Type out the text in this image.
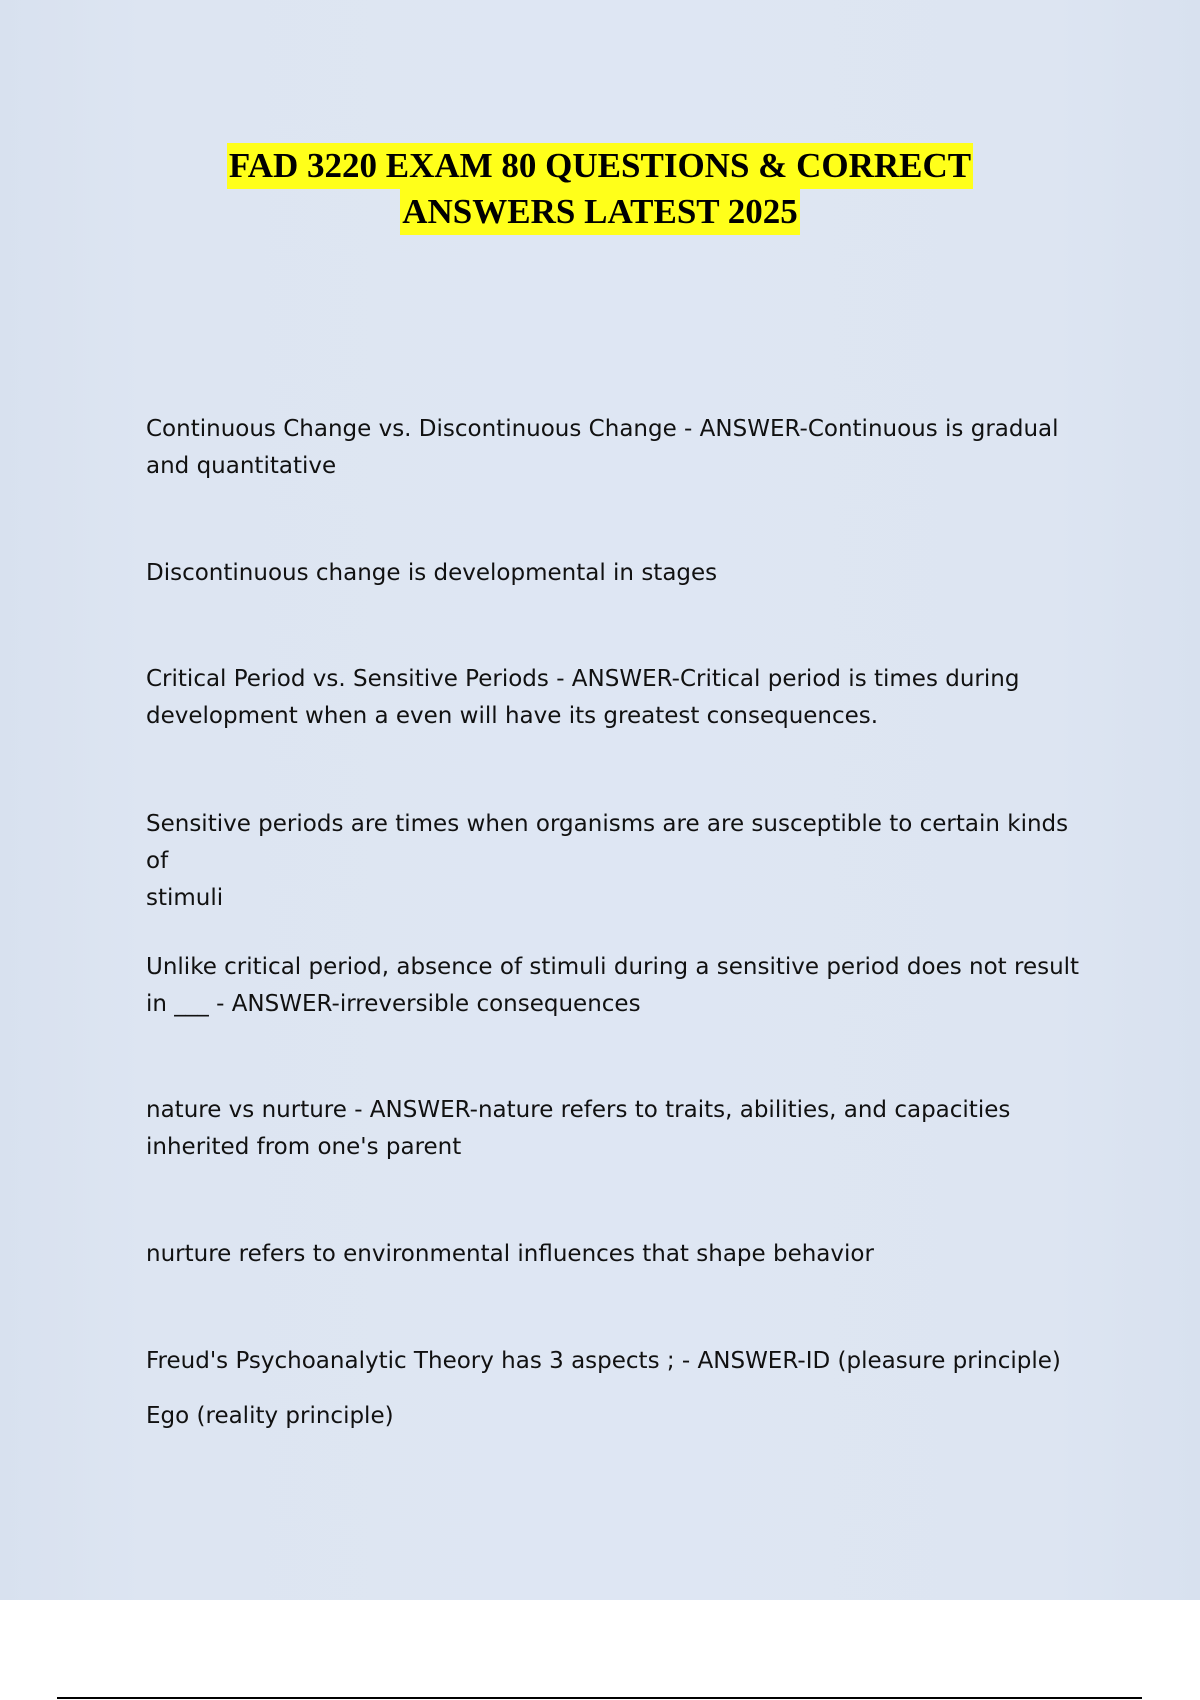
FAD 3220 EXAM 80 QUESTIONS & CORRECT
ANSWERS LATEST 2025

Continuous Change vs. Discontinuous Change - ANSWER-Continuous is gradual
and quantitative

Discontinuous change is developmental in stages

Critical Period vs. Sensitive Periods - ANSWER-Critical period is times during
development when a even will have its greatest consequences.

Sensitive periods are times when organisms are are susceptible to certain kinds of
stimuli

Unlike critical period, absence of stimuli during a sensitive period does not result
in ___ - ANSWER-irreversible consequences

nature vs nurture - ANSWER-nature refers to traits, abilities, and capacities
inherited from one's parent

nurture refers to environmental influences that shape behavior

Freud's Psychoanalytic Theory has 3 aspects ; - ANSWER-ID (pleasure principle)

Ego (reality principle)
